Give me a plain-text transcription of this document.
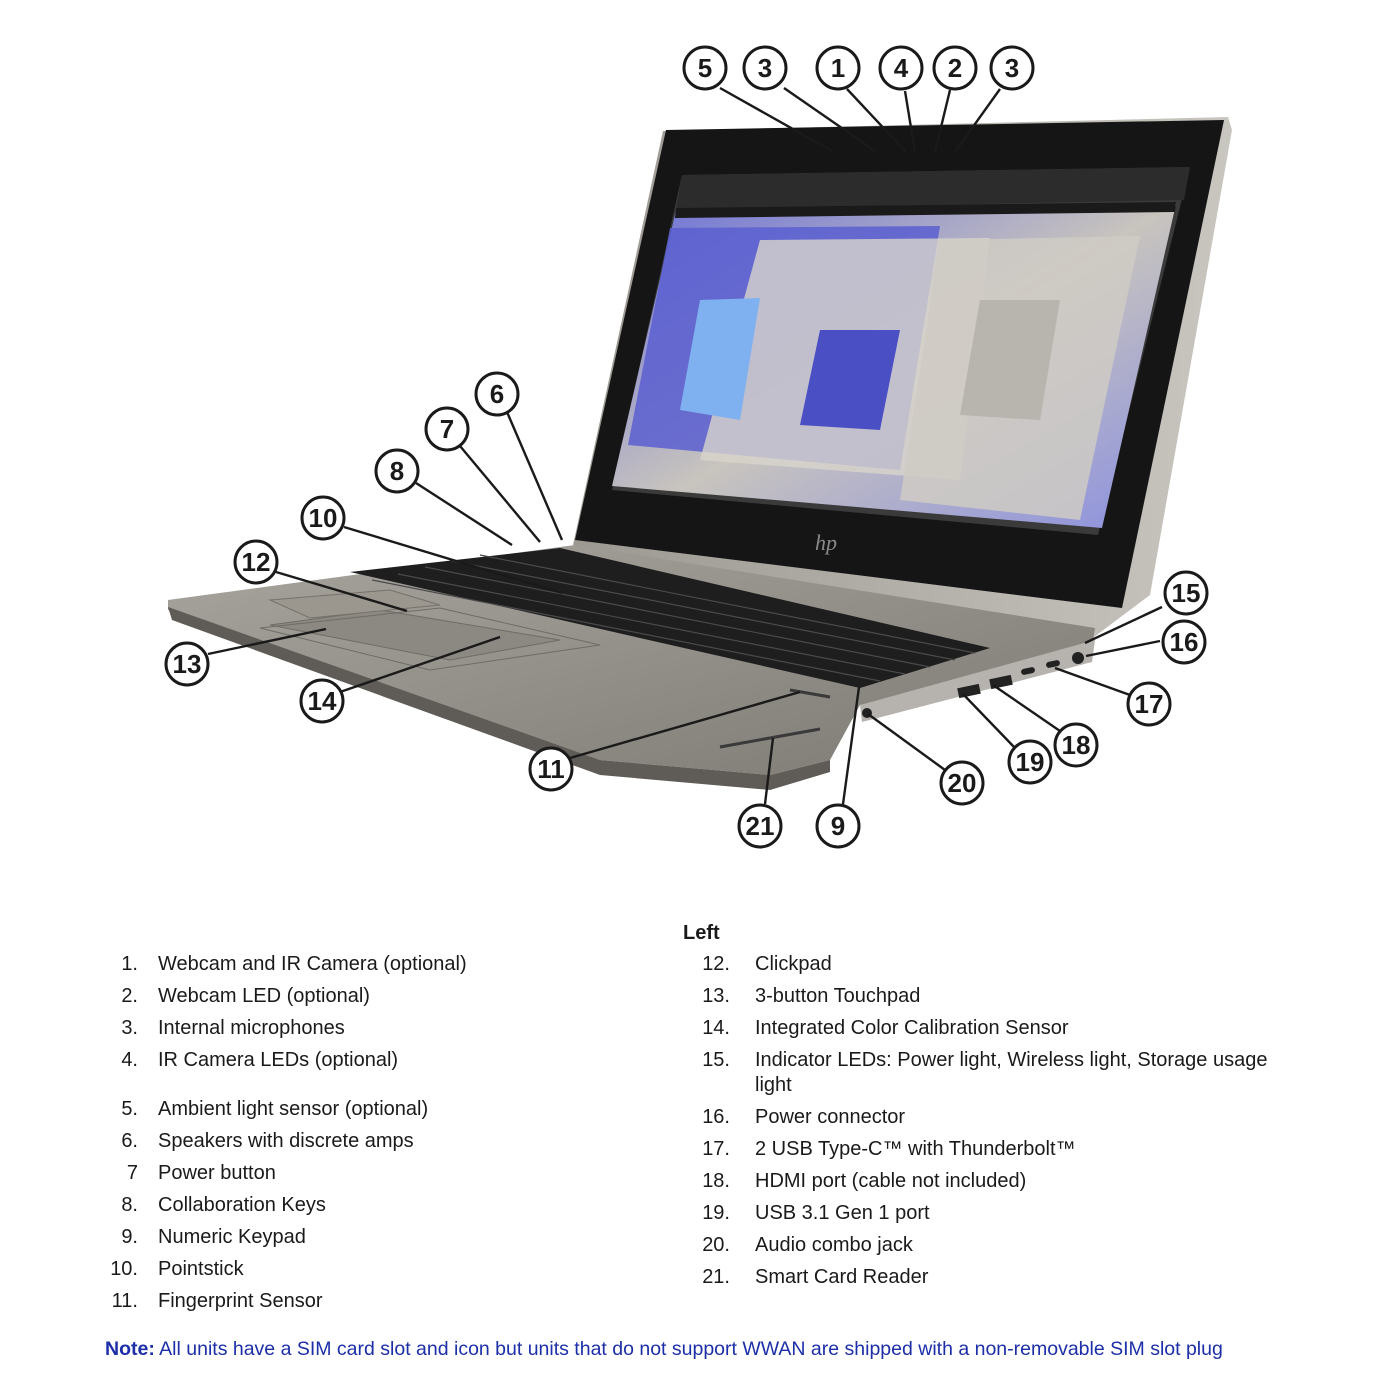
hp
5 3 1 4 2 3
6
7
8
10
12
13
14
15
16
17
18
19
20
11
21 9
Left
1. Webcam and IR Camera (optional)
2. Webcam LED (optional)
3. Internal microphones
4. IR Camera LEDs (optional)
5. Ambient light sensor (optional)
6. Speakers with discrete amps
7 Power button
8. Collaboration Keys
9. Numeric Keypad
10. Pointstick
11. Fingerprint Sensor
12. Clickpad
13. 3-button Touchpad
14. Integrated Color Calibration Sensor
15. Indicator LEDs: Power light, Wireless light, Storage usage light
16. Power connector
17. 2 USB Type-C™ with Thunderbolt™
18. HDMI port (cable not included)
19. USB 3.1 Gen 1 port
20. Audio combo jack
21. Smart Card Reader
Note: All units have a SIM card slot and icon but units that do not support WWAN are shipped with a non-removable SIM slot plug
